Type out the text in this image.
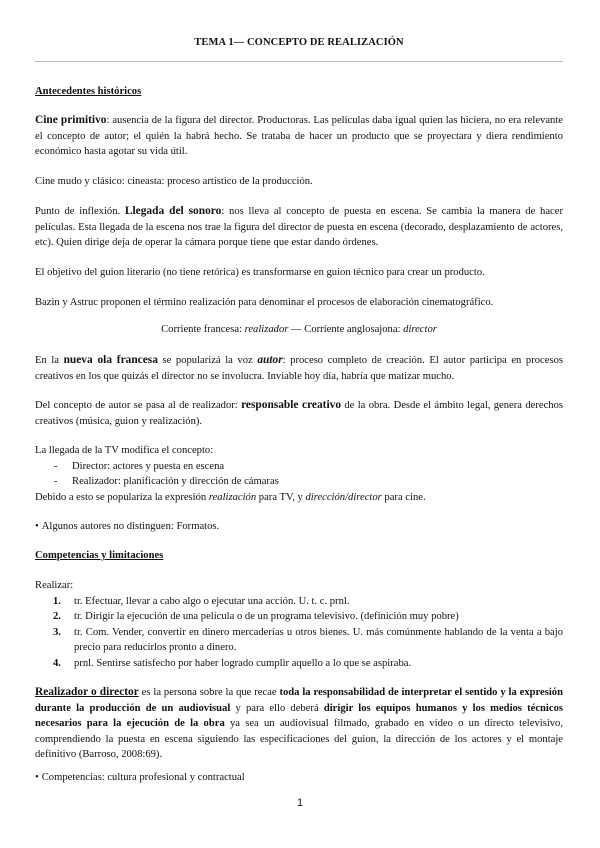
TEMA 1— CONCEPTO DE REALIZACIÓN
Antecedentes históricos
Cine primitivo: ausencia de la figura del director. Productoras. Las películas daba igual quien las hiciera, no era relevante el concepto de autor; el quién la habrá hecho. Se trataba de hacer un producto que se proyectara y diera rendimiento económico hasta agotar su vida útil.
Cine mudo y clásico: cineasta: proceso artístico de la producción.
Punto de inflexión. Llegada del sonoro: nos lleva al concepto de puesta en escena. Se cambia la manera de hacer películas. Esta llegada de la escena nos trae la figura del director de puesta en escena (decorado, desplazamiento de actores, etc). Quien dirige deja de operar la cámara porque tiene que estar dando órdenes.
El objetivo del guion literario (no tiene retórica) es transformarse en guion técnico para crear un producto.
Bazin y Astruc proponen el término realización para denominar el procesos de elaboración cinematográfico.
Corriente francesa: realizador — Corriente anglosajona: director
En la nueva ola francesa se popularizá la voz autor: proceso completo de creación. El autor participa en procesos creativos en los que quizás el director no se involucra. Inviable hoy día, habría que matizar mucho.
Del concepto de autor se pasa al de realizador: responsable creativo de la obra. Desde el ámbito legal, genera derechos creativos (música, guion y realización).
La llegada de la TV modifica el concepto:
- Director: actores y puesta en escena
- Realizador: planificación y dirección de cámaras
Debido a esto se populariza la expresión realización para TV, y dirección/director para cine.
• Algunos autores no distinguen: Formatos.
Competencias y limitaciones
Realizar:
1. tr. Efectuar, llevar a cabo algo o ejecutar una acción. U. t. c. prnl.
2. tr. Dirigir la ejecución de una película o de un programa televisivo. (definición muy pobre)
3. tr. Com. Vender, convertir en dinero mercaderías u otros bienes. U. más comúnmente hablando de la venta a bajo precio para reducirlos pronto a dinero.
4. prnl. Sentirse satisfecho por haber logrado cumplir aquello a lo que se aspiraba.
Realizador o director es la persona sobre la que recae toda la responsabilidad de interpretar el sentido y la expresión durante la producción de un audiovisual y para ello deberá dirigir los equipos humanos y los medios técnicos necesarios para la ejecución de la obra ya sea un audiovisual filmado, grabado en vídeo o un directo televisivo, comprendiendo la puesta en escena siguiendo las especificaciones del guion, la dirección de los actores y el montaje definitivo (Barroso, 2008:69).
• Competencias: cultura profesional y contractual
1
